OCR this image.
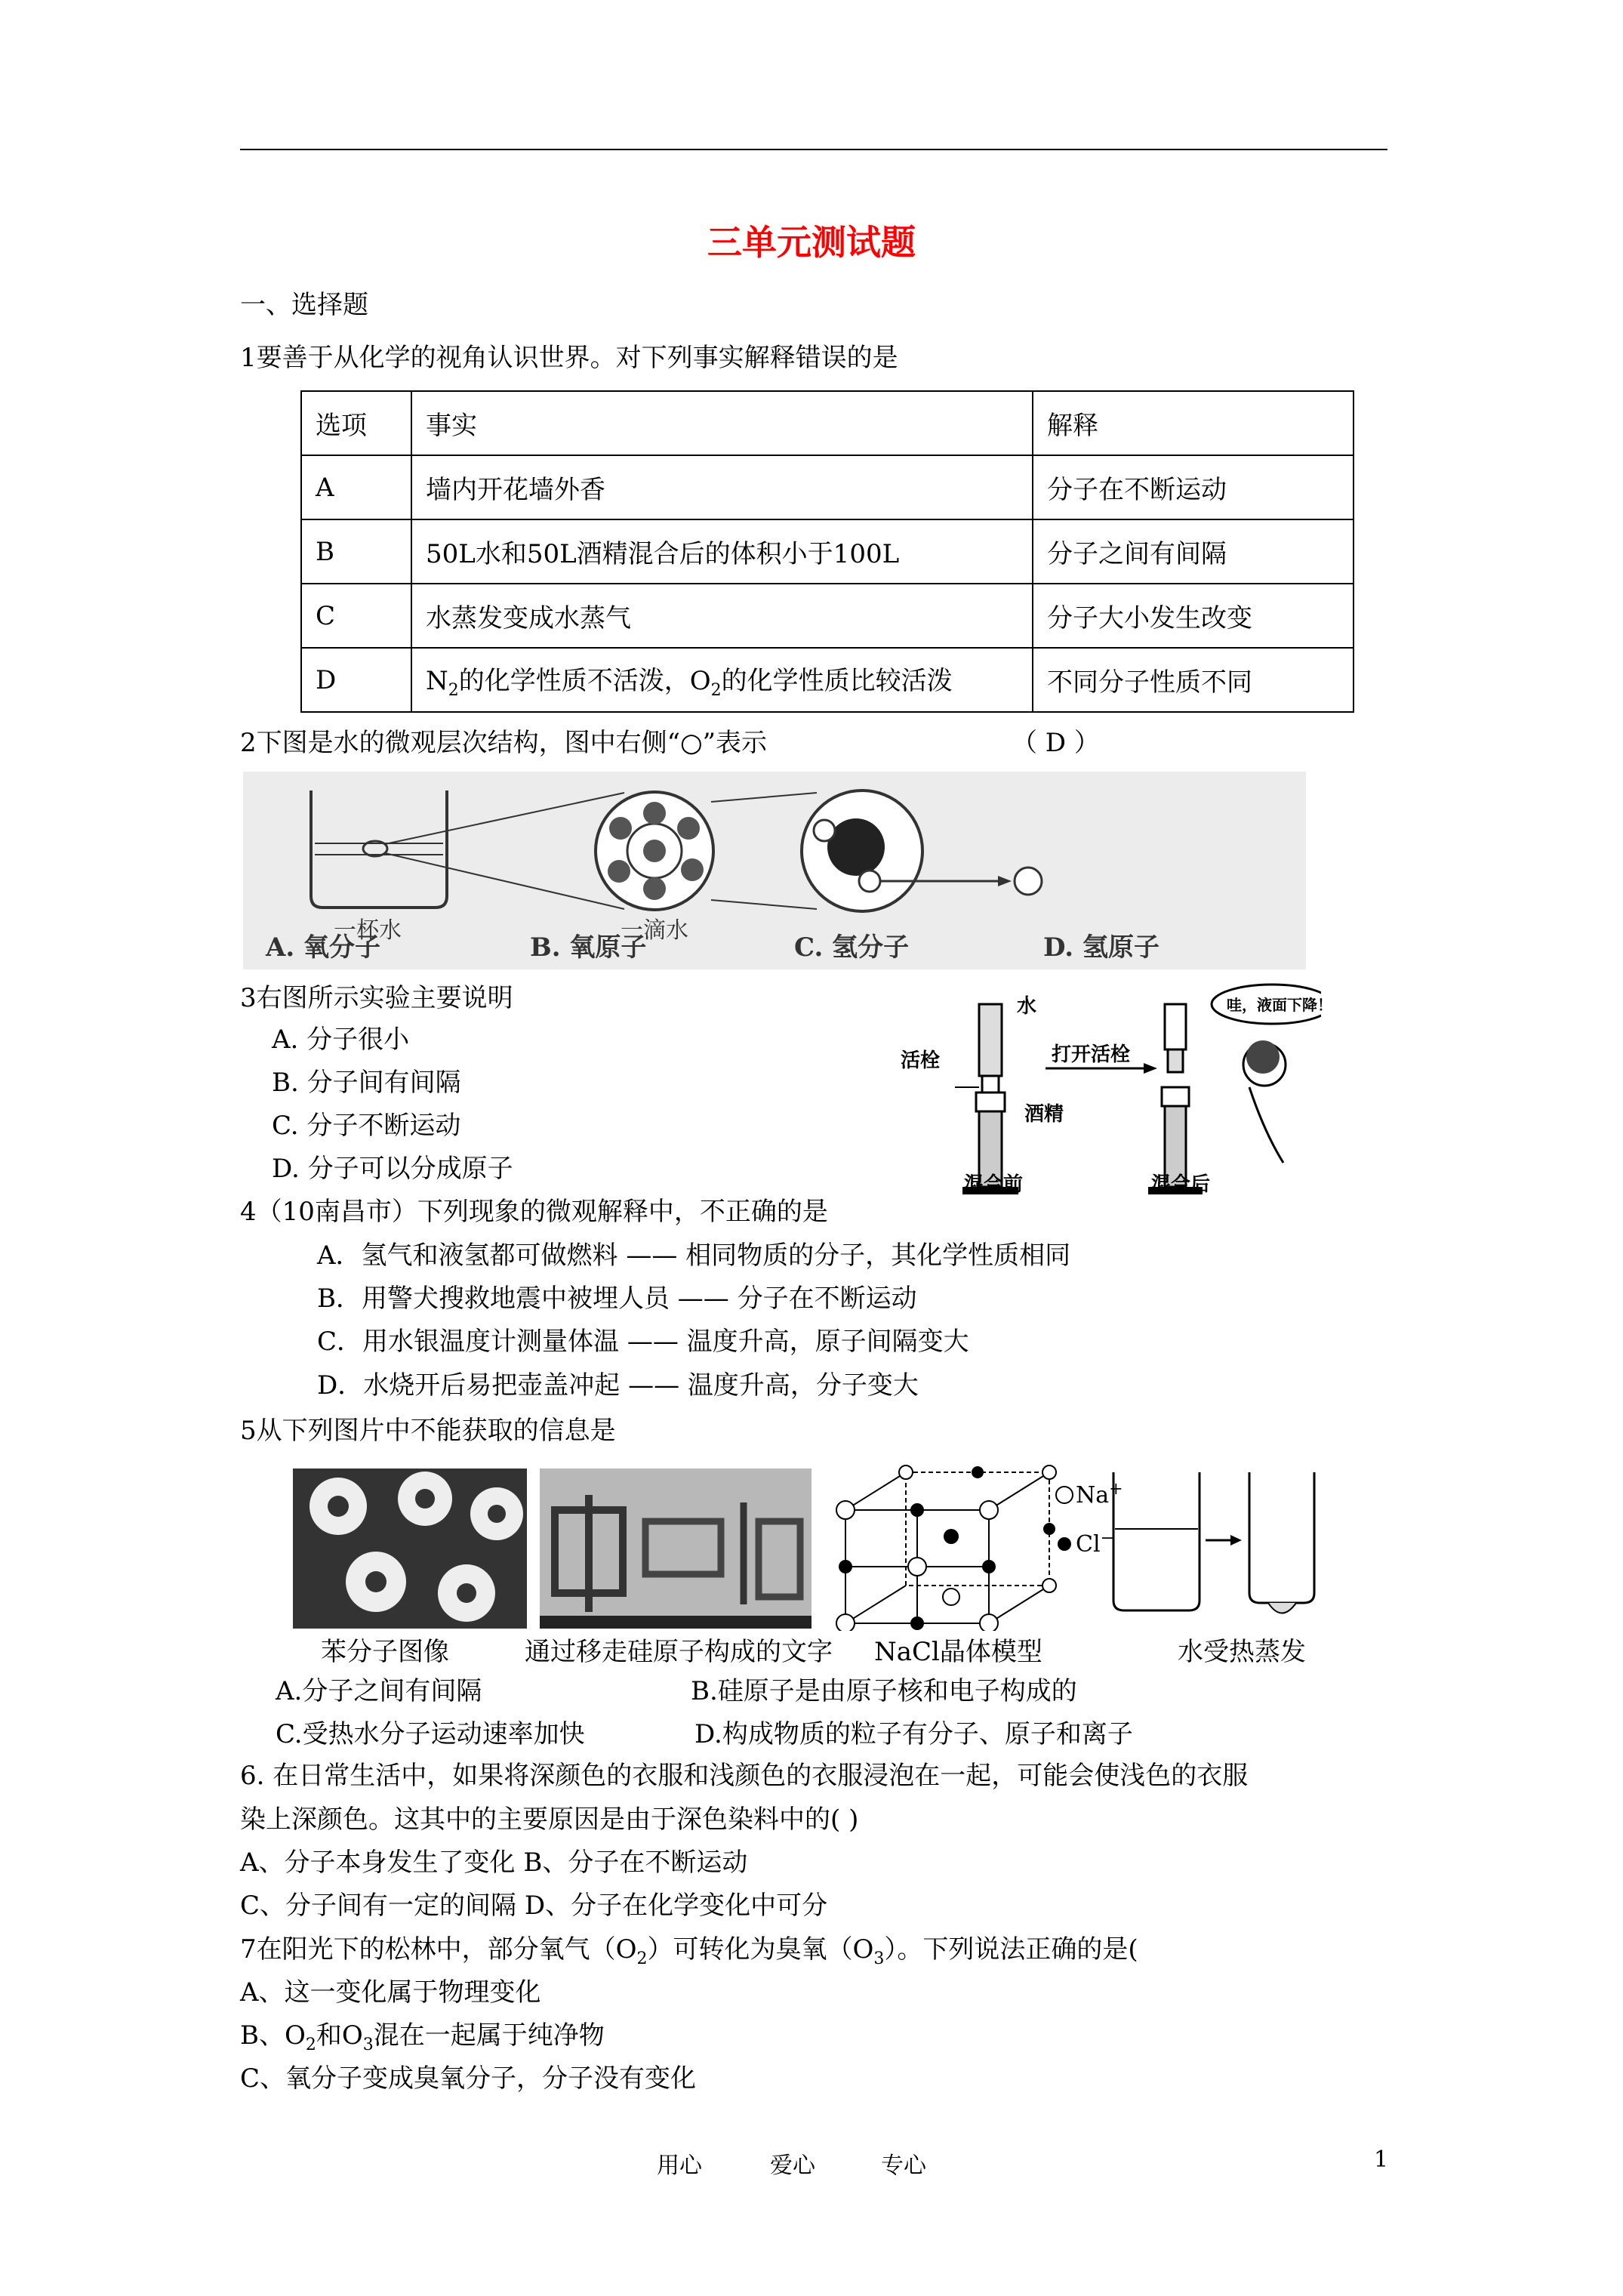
三单元测试题
一、选择题
1要善于从化学的视角认识世界。对下列事实解释错误的是
选项	事实	解释
A	墙内开花墙外香	分子在不断运动
B	50L水和50L酒精混合后的体积小于100L	分子之间有间隔
C	水蒸发变成水蒸气	分子大小发生改变
D	$N_2$的化学性质不活泼，$O_2$的化学性质比较活泼	不同分子性质不同
2下图是水的微观层次结构，图中右侧“○”表示	（ D ）
一杯水	一滴水
A. 氧分子	B. 氧原子	C. 氢分子	D. 氢原子
3右图所示实验主要说明
A. 分子很小
B. 分子间有间隔
C. 分子不断运动
D. 分子可以分成原子
水
活栓	打开活栓
酒精
混合前	混合后
哇，液面下降！
4（10南昌市）下列现象的微观解释中，不正确的是
A．氢气和液氢都可做燃料 —— 相同物质的分子，其化学性质相同
B．用警犬搜救地震中被埋人员 —— 分子在不断运动
C．用水银温度计测量体温 —— 温度升高，原子间隔变大
D．水烧开后易把壶盖冲起 —— 温度升高，分子变大
5从下列图片中不能获取的信息是
Na+
Cl−
苯分子图像	通过移走硅原子构成的文字 NaCl晶体模型	水受热蒸发
A.分子之间有间隔	B.硅原子是由原子核和电子构成的
C.受热水分子运动速率加快	D.构成物质的粒子有分子、原子和离子
6. 在日常生活中，如果将深颜色的衣服和浅颜色的衣服浸泡在一起，可能会使浅色的衣服
染上深颜色。这其中的主要原因是由于深色染料中的( )
A、分子本身发生了变化 B、分子在不断运动
C、分子间有一定的间隔 D、分子在化学变化中可分
7在阳光下的松林中，部分氧气$(O_2)$可转化为臭氧$(O_3)$。下列说法正确的是(
A、这一变化属于物理变化
B、$O_2$和$O_3$混在一起属于纯净物
C、氧分子变成臭氧分子，分子没有变化
用心	爱心	专心	1
